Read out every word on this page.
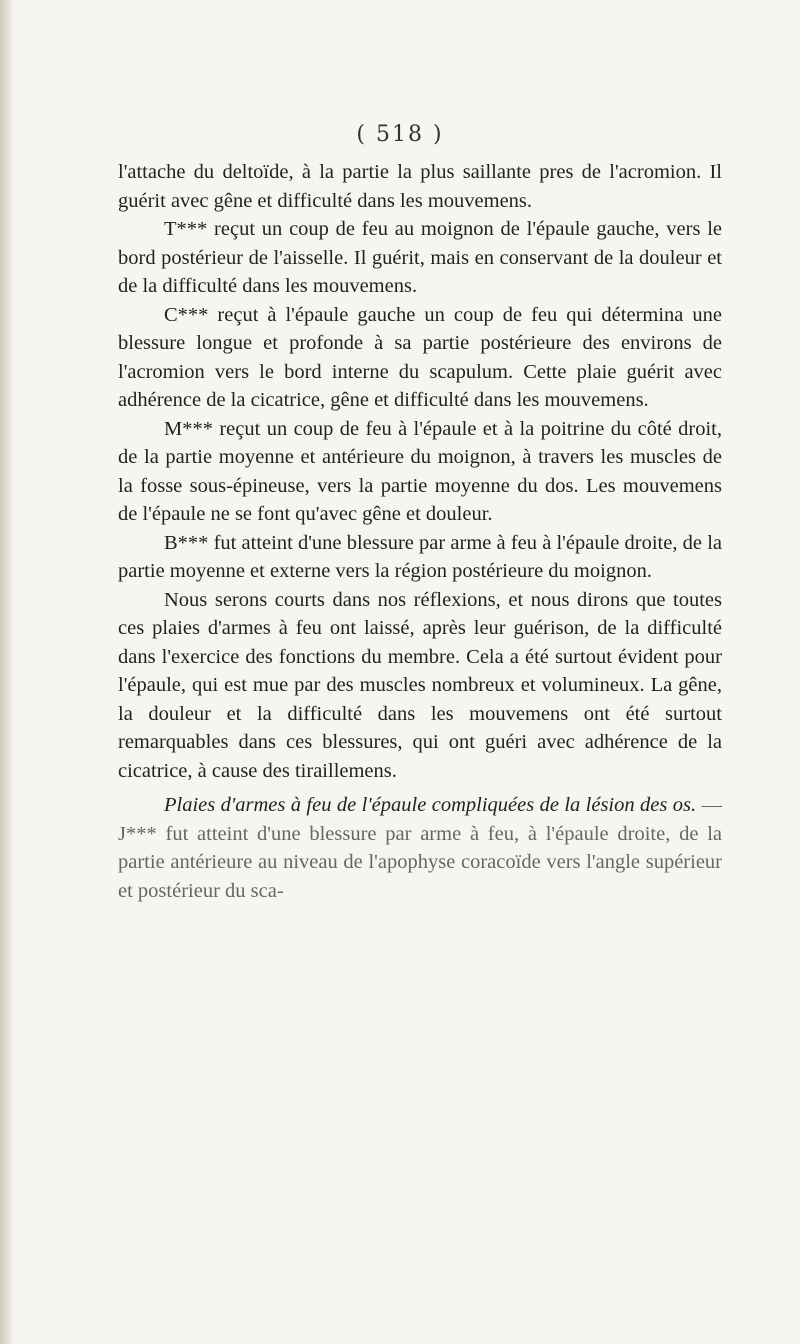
( 518 )

l'attache du deltoïde, à la partie la plus saillante pres de l'acromion. Il guérit avec gêne et difficulté dans les mouvemens.

T*** reçut un coup de feu au moignon de l'épaule gauche, vers le bord postérieur de l'aisselle. Il guérit, mais en conservant de la douleur et de la difficulté dans les mouvemens.

C*** reçut à l'épaule gauche un coup de feu qui détermina une blessure longue et profonde à sa partie postérieure des environs de l'acromion vers le bord interne du scapulum. Cette plaie guérit avec adhérence de la cicatrice, gêne et difficulté dans les mouvemens.

M*** reçut un coup de feu à l'épaule et à la poitrine du côté droit, de la partie moyenne et antérieure du moignon, à travers les muscles de la fosse sous-épineuse, vers la partie moyenne du dos. Les mouvemens de l'épaule ne se font qu'avec gêne et douleur.

B*** fut atteint d'une blessure par arme à feu à l'épaule droite, de la partie moyenne et externe vers la région postérieure du moignon.

Nous serons courts dans nos réflexions, et nous dirons que toutes ces plaies d'armes à feu ont laissé, après leur guérison, de la difficulté dans l'exercice des fonctions du membre. Cela a été surtout évident pour l'épaule, qui est mue par des muscles nombreux et volumineux. La gêne, la douleur et la difficulté dans les mouvemens ont été surtout remarquables dans ces blessures, qui ont guéri avec adhérence de la cicatrice, à cause des tiraillemens.

Plaies d'armes à feu de l'épaule compliquées de la lésion des os. — J*** fut atteint d'une blessure par arme à feu, à l'épaule droite, de la partie antérieure au niveau de l'apophyse coracoïde vers l'angle supérieur et postérieur du sca-
